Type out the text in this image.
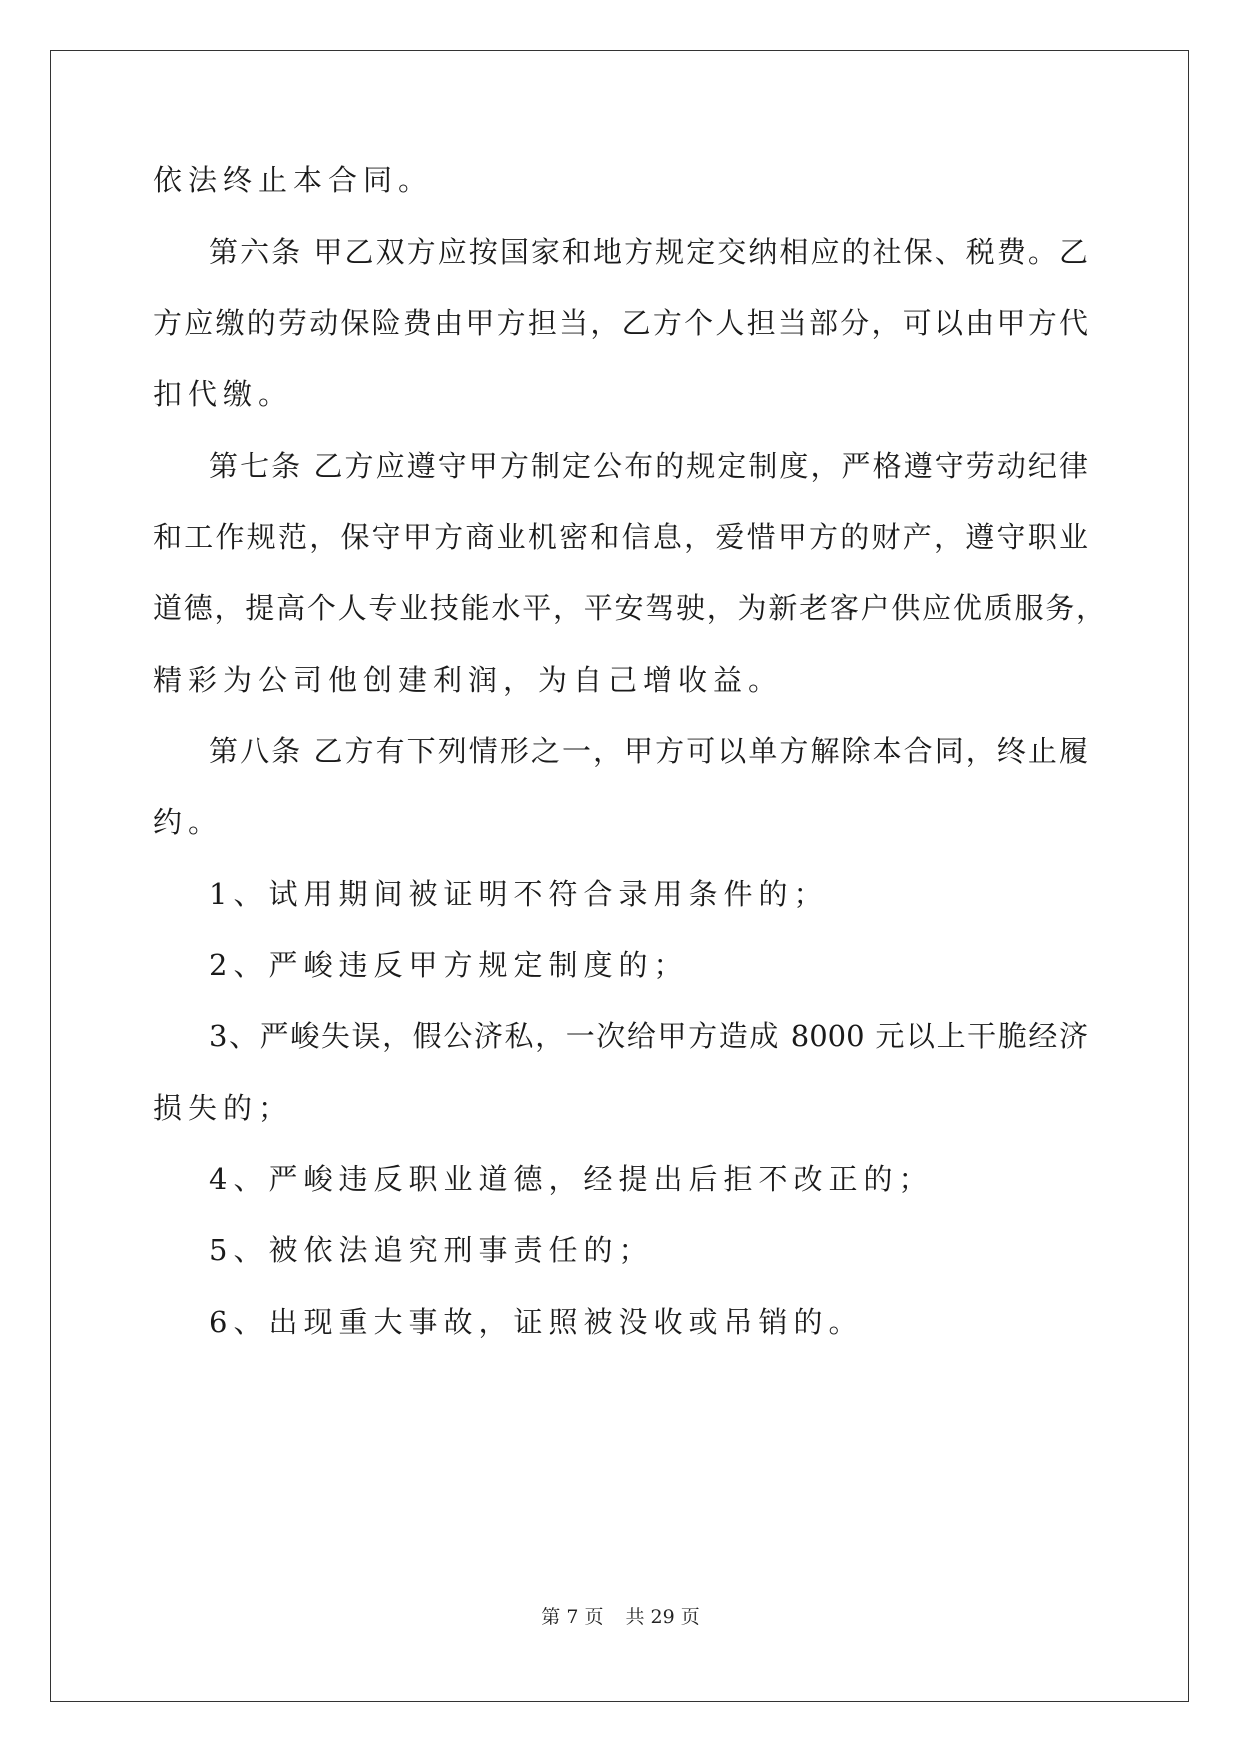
依法终止本合同。
第六条 甲乙双方应按国家和地方规定交纳相应的社保、税费。乙
方应缴的劳动保险费由甲方担当，乙方个人担当部分，可以由甲方代
扣代缴。
第七条 乙方应遵守甲方制定公布的规定制度，严格遵守劳动纪律
和工作规范，保守甲方商业机密和信息，爱惜甲方的财产，遵守职业
道德，提高个人专业技能水平，平安驾驶，为新老客户供应优质服务，
精彩为公司他创建利润，为自己增收益。
第八条 乙方有下列情形之一，甲方可以单方解除本合同，终止履
约。
1、试用期间被证明不符合录用条件的；
2、严峻违反甲方规定制度的；
3、严峻失误，假公济私，一次给甲方造成 8000 元以上干脆经济
损失的；
4、严峻违反职业道德，经提出后拒不改正的；
5、被依法追究刑事责任的；
6、出现重大事故，证照被没收或吊销的。
第 7 页 共 29 页
